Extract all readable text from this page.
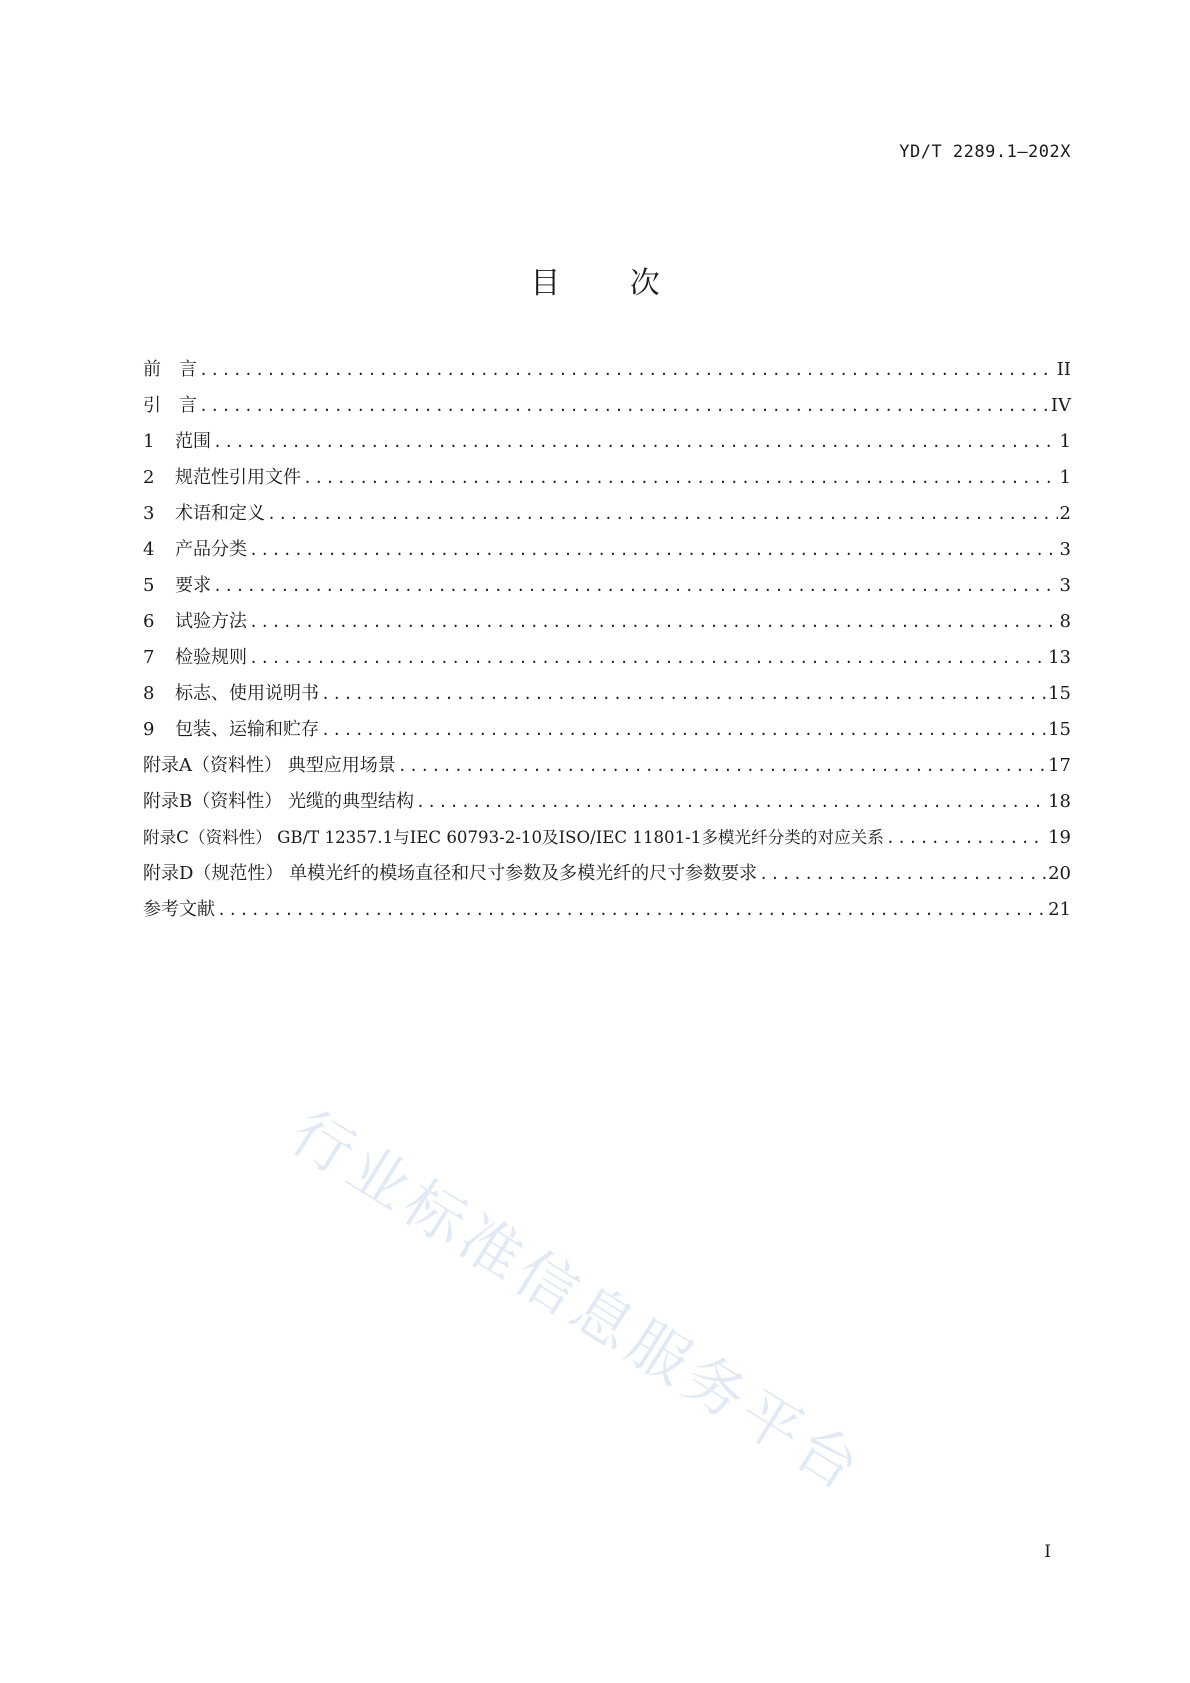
YD/T 2289.1—202X
目 次
前　言 .....	II
引　言 .....	IV
1 范围 .....	1
2 规范性引用文件 .....	1
3 术语和定义 .....	2
4 产品分类 .....	3
5 要求 .....	3
6 试验方法 .....	8
7 检验规则 .....	13
8 标志、使用说明书 .....	15
9 包装、运输和贮存 .....	15
附录A（资料性） 典型应用场景 .....	17
附录B（资料性） 光缆的典型结构 .....	18
附录C（资料性） GB/T 12357.1与IEC 60793-2-10及ISO/IEC 11801-1多模光纤分类的对应关系 .....	19
附录D（规范性） 单模光纤的模场直径和尺寸参数及多模光纤的尺寸参数要求 .....	20
参考文献 .....	21
行业标准信息服务平台
I
